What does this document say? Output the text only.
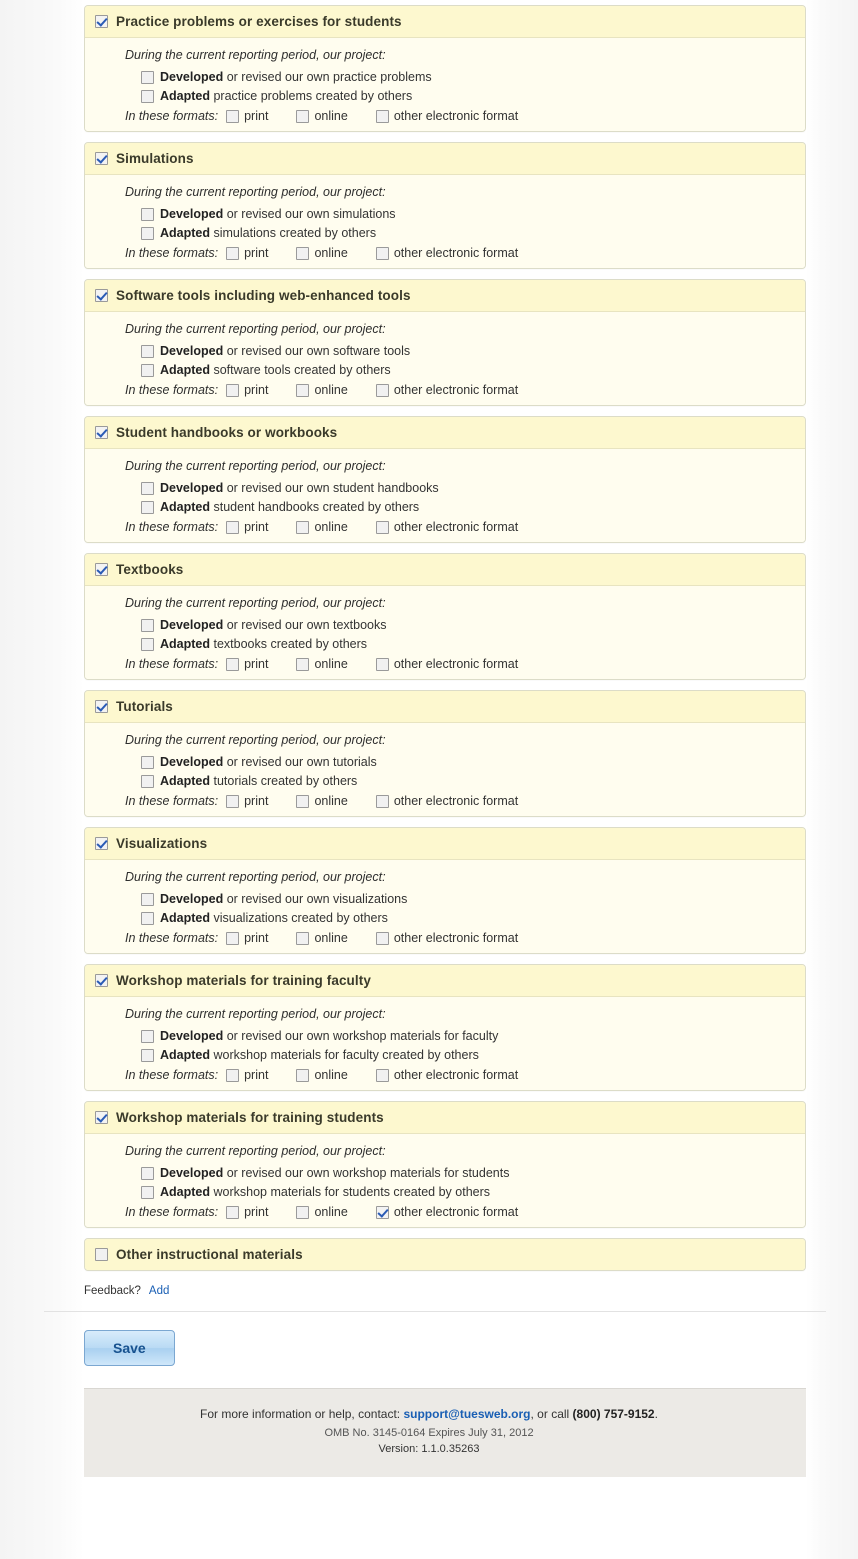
Practice problems or exercises for students
During the current reporting period, our project:
Developed or revised our own practice problems
Adapted practice problems created by others
In these formats: print	online	other electronic format
Simulations
During the current reporting period, our project:
Developed or revised our own simulations
Adapted simulations created by others
In these formats: print	online	other electronic format
Software tools including web-enhanced tools
During the current reporting period, our project:
Developed or revised our own software tools
Adapted software tools created by others
In these formats: print	online	other electronic format
Student handbooks or workbooks
During the current reporting period, our project:
Developed or revised our own student handbooks
Adapted student handbooks created by others
In these formats: print	online	other electronic format
Textbooks
During the current reporting period, our project:
Developed or revised our own textbooks
Adapted textbooks created by others
In these formats: print	online	other electronic format
Tutorials
During the current reporting period, our project:
Developed or revised our own tutorials
Adapted tutorials created by others
In these formats: print	online	other electronic format
Visualizations
During the current reporting period, our project:
Developed or revised our own visualizations
Adapted visualizations created by others
In these formats: print	online	other electronic format
Workshop materials for training faculty
During the current reporting period, our project:
Developed or revised our own workshop materials for faculty
Adapted workshop materials for faculty created by others
In these formats: print	online	other electronic format
Workshop materials for training students
During the current reporting period, our project:
Developed or revised our own workshop materials for students
Adapted workshop materials for students created by others
In these formats: print	online	other electronic format
Other instructional materials
Feedback? Add
Save
For more information or help, contact: support@tuesweb.org, or call (800) 757-9152.
OMB No. 3145-0164 Expires July 31, 2012
Version: 1.1.0.35263
